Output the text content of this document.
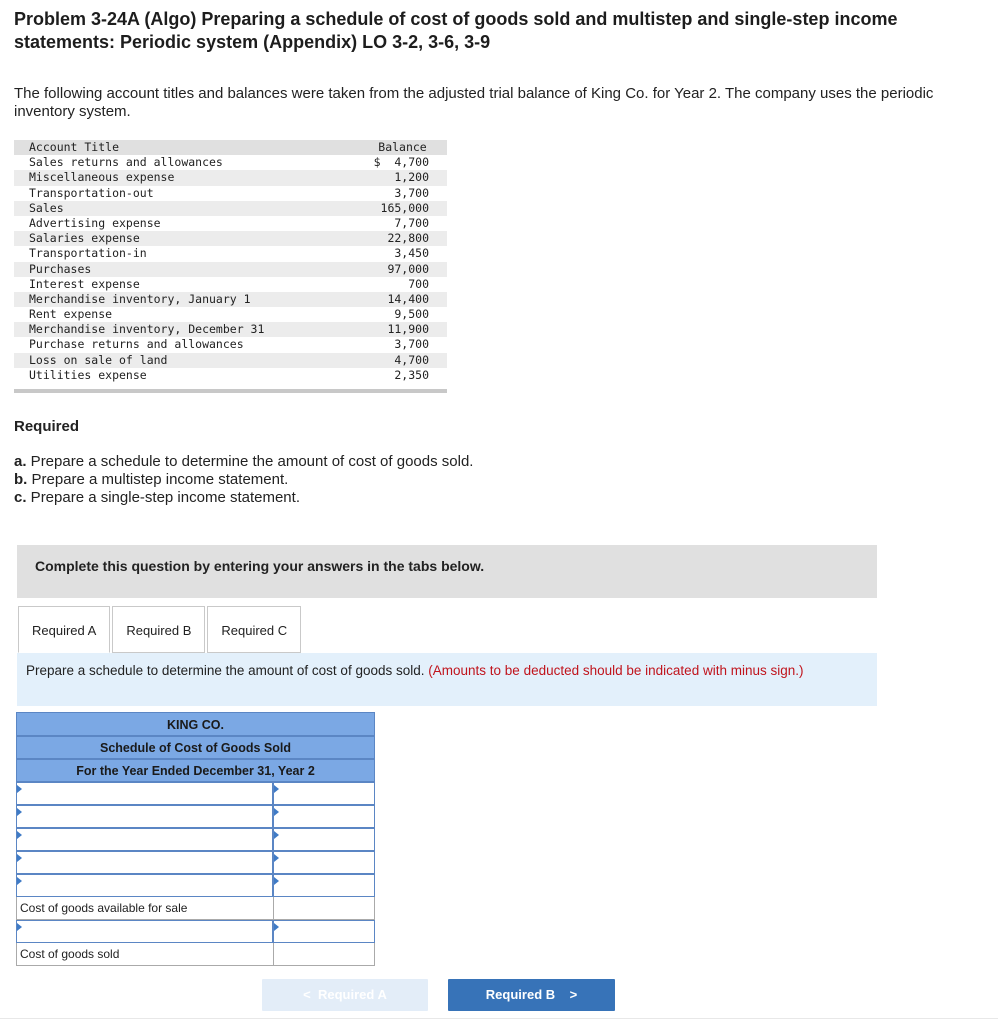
Problem 3-24A (Algo) Preparing a schedule of cost of goods sold and multistep and single-step income statements: Periodic system (Appendix) LO 3-2, 3-6, 3-9
The following account titles and balances were taken from the adjusted trial balance of King Co. for Year 2. The company uses the periodic inventory system.
Account Title	Balance
Sales returns and allowances	$  4,700
Miscellaneous expense	1,200
Transportation-out	3,700
Sales	165,000
Advertising expense	7,700
Salaries expense	22,800
Transportation-in	3,450
Purchases	97,000
Interest expense	700
Merchandise inventory, January 1	14,400
Rent expense	9,500
Merchandise inventory, December 31	11,900
Purchase returns and allowances	3,700
Loss on sale of land	4,700
Utilities expense	2,350
Required
a. Prepare a schedule to determine the amount of cost of goods sold.
b. Prepare a multistep income statement.
c. Prepare a single-step income statement.
Complete this question by entering your answers in the tabs below.
Required A	Required B	Required C
Prepare a schedule to determine the amount of cost of goods sold. (Amounts to be deducted should be indicated with minus sign.)
KING CO.
Schedule of Cost of Goods Sold
For the Year Ended December 31, Year 2
Cost of goods available for sale
Cost of goods sold
< Required A	Required B >
